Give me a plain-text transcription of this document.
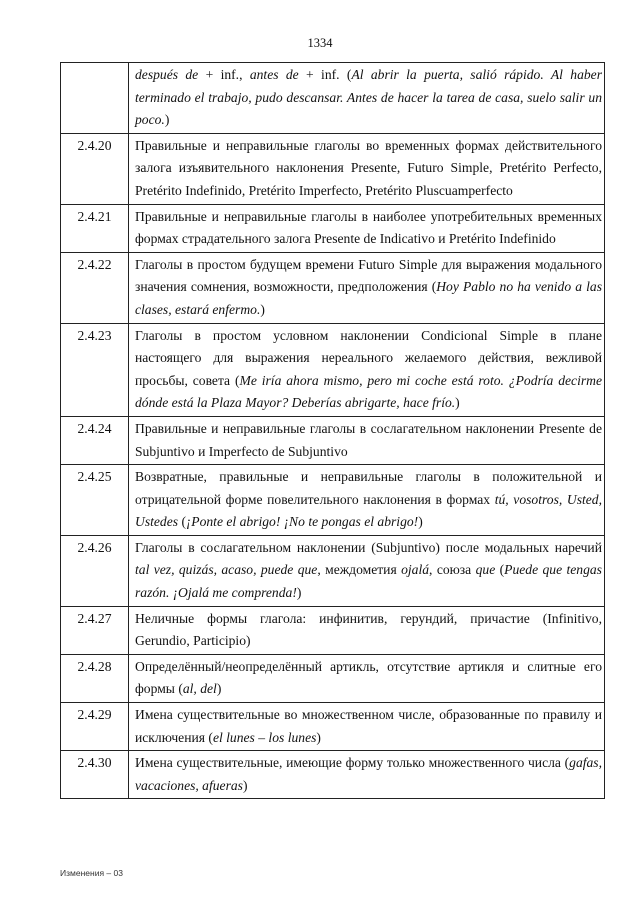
1334
	después de + inf., antes de + inf. (Al abrir la puerta, salió rápido. Al haber terminado el trabajo, pudo descansar. Antes de hacer la tarea de casa, suelo salir un poco.)
2.4.20	Правильные и неправильные глаголы во временных формах действительного залога изъявительного наклонения Presente, Futuro Simple, Pretérito Perfecto, Pretérito Indefinido, Pretérito Imperfecto, Pretérito Pluscuamperfecto
2.4.21	Правильные и неправильные глаголы в наиболее употребительных временных формах страдательного залога Presente de Indicativo и Pretérito Indefinido
2.4.22	Глаголы в простом будущем времени Futuro Simple для выражения модального значения сомнения, возможности, предположения (Hoy Pablo no ha venido a las clases, estará enfermo.)
2.4.23	Глаголы в простом условном наклонении Condicional Simple в плане настоящего для выражения нереального желаемого действия, вежливой просьбы, совета (Me iría ahora mismo, pero mi coche está roto. ¿Podría decirme dónde está la Plaza Mayor? Deberías abrigarte, hace frío.)
2.4.24	Правильные и неправильные глаголы в сослагательном наклонении Presente de Subjuntivo и Imperfecto de Subjuntivo
2.4.25	Возвратные, правильные и неправильные глаголы в положительной и отрицательной форме повелительного наклонения в формах tú, vosotros, Usted, Ustedes (¡Ponte el abrigo! ¡No te pongas el abrigo!)
2.4.26	Глаголы в сослагательном наклонении (Subjuntivo) после модальных наречий tal vez, quizás, acaso, puede que, междометия ojalá, союза que (Puede que tengas razón. ¡Ojalá me comprenda!)
2.4.27	Неличные формы глагола: инфинитив, герундий, причастие (Infinitivo, Gerundio, Participio)
2.4.28	Определённый/неопределённый артикль, отсутствие артикля и слитные его формы (al, del)
2.4.29	Имена существительные во множественном числе, образованные по правилу и исключения (el lunes – los lunes)
2.4.30	Имена существительные, имеющие форму только множественного числа (gafas, vacaciones, afueras)
Изменения – 03
